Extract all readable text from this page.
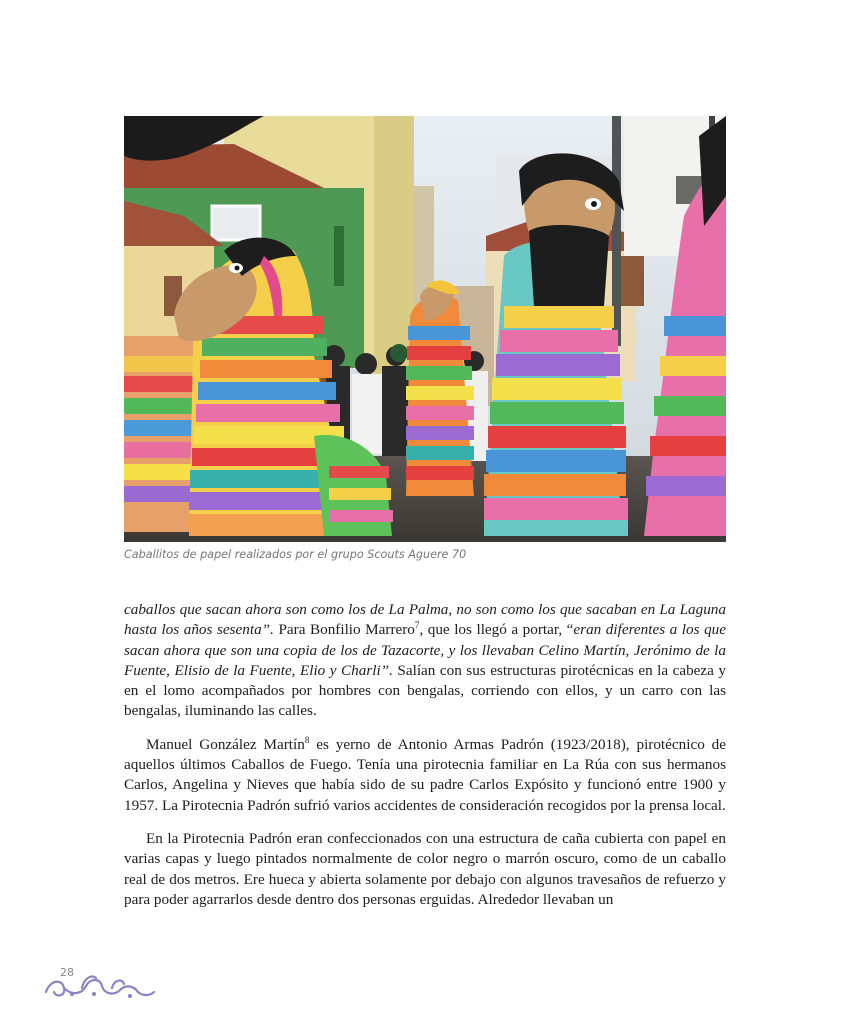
Caballitos de papel realizados por el grupo Scouts Aguere 70

caballos que sacan ahora son como los de La Palma, no son como los que sacaban en La Laguna hasta los años sesenta”. Para Bonfilio Marrero$^7$, que los llegó a portar, “eran diferentes a los que sacan ahora que son una copia de los de Tazacorte, y los llevaban Celino Martín, Jerónimo de la Fuente, Elisio de la Fuente, Elio y Charli”. Salían con sus estructuras pirotécnicas en la cabeza y en el lomo acompañados por hombres con bengalas, corriendo con ellos, y un carro con las bengalas, iluminando las calles.

Manuel González Martín$^8$ es yerno de Antonio Armas Padrón (1923/2018), pirotécnico de aquellos últimos Caballos de Fuego. Tenía una pirotecnia familiar en La Rúa con sus hermanos Carlos, Angelina y Nieves que había sido de su padre Carlos Expósito y funcionó entre 1900 y 1957. La Pirotecnia Padrón sufrió varios accidentes de consideración recogidos por la prensa local.

En la Pirotecnia Padrón eran confeccionados con una estructura de caña cubierta con papel en varias capas y luego pintados normalmente de color negro o marrón oscuro, como de un caballo real de dos metros. Ere hueca y abierta solamente por debajo con algunos travesaños de refuerzo y para poder agarrarlos desde dentro dos personas erguidas. Alrededor llevaban un

28
